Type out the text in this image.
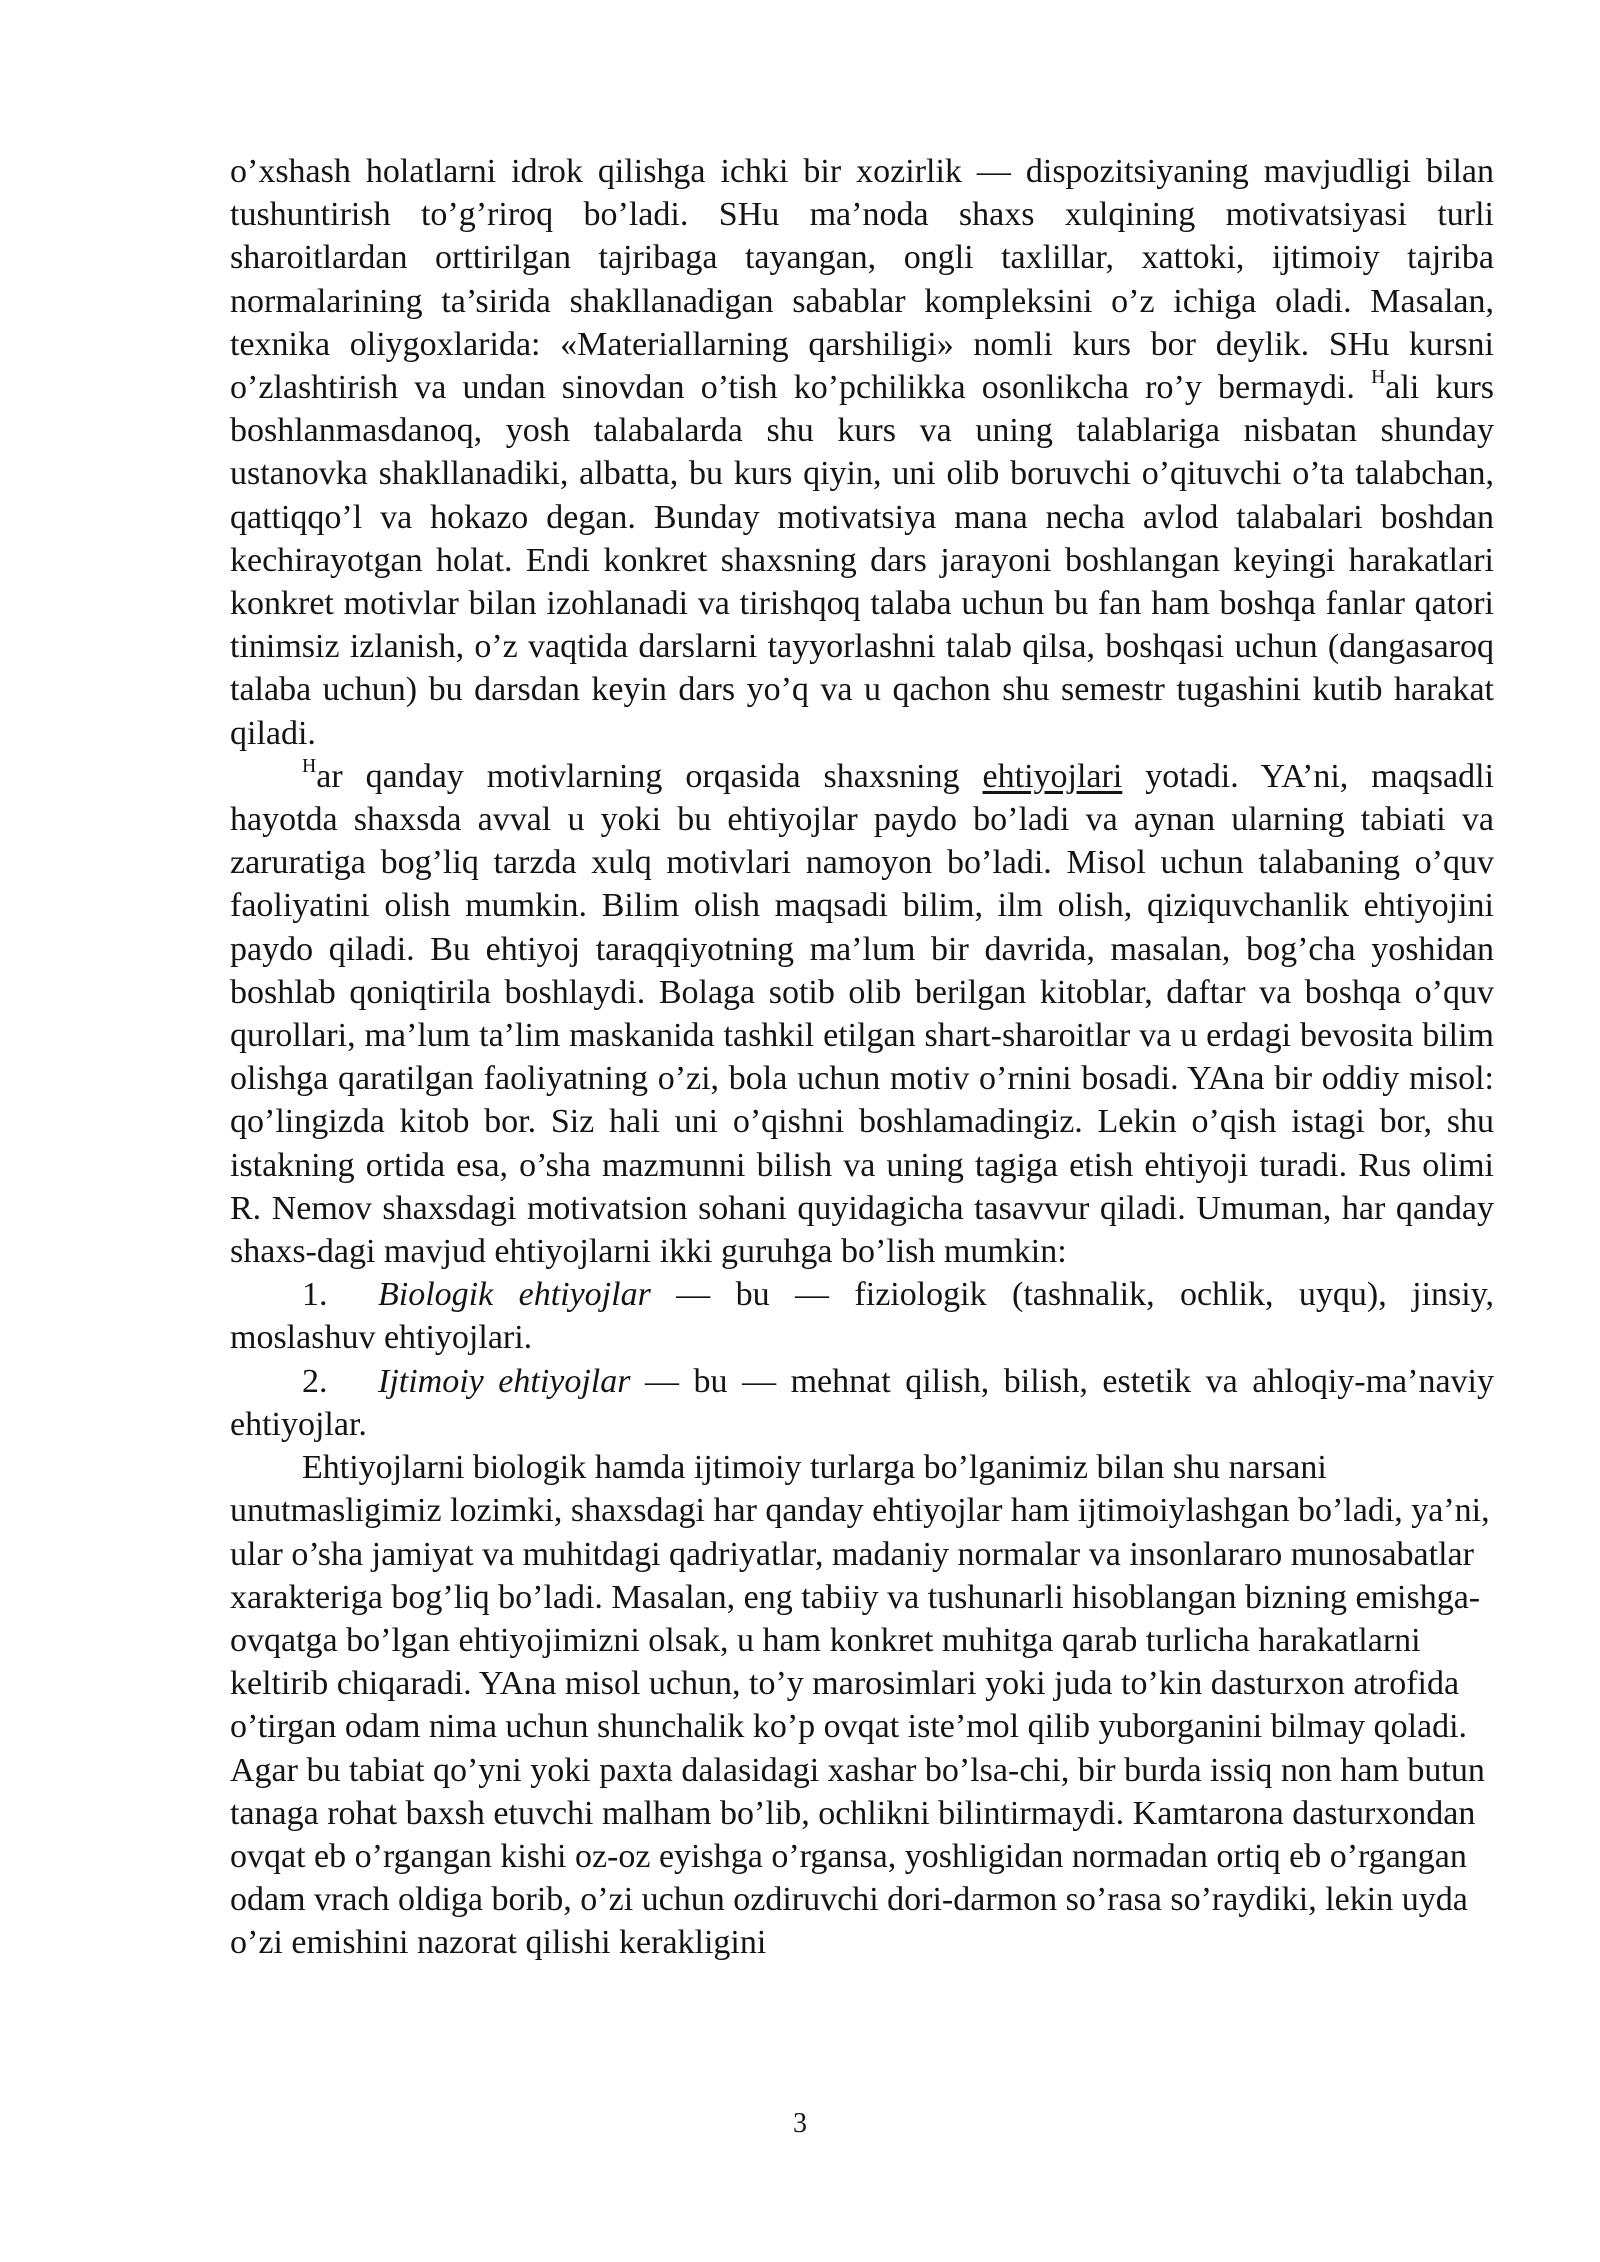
o’xshash holatlarni idrok qilishga ichki bir xozirlik — dispozitsiyaning mavjudligi bilan tushuntirish to’g’riroq bo’ladi. SHu ma’noda shaxs xulqining motivatsiyasi turli sharoitlardan orttirilgan tajribaga tayangan, ongli taxlillar, xattoki, ijtimoiy tajriba normalarining ta’sirida shakllanadigan sabablar kompleksini o’z ichiga oladi. Masalan, texnika oliygoxlarida: «Materiallarning qarshiligi» nomli kurs bor deylik. SHu kursni o’zlashtirish va undan sinovdan o’tish ko’pchilikka osonlikcha ro’y bermaydi. $^H$ali kurs boshlanmasdanoq, yosh talabalarda shu kurs va uning talablariga nisbatan shunday ustanovka shakllanadiki, albatta, bu kurs qiyin, uni olib boruvchi o’qituvchi o’ta talabchan, qattiqqo’l va hokazo degan. Bunday motivatsiya mana necha avlod talabalari boshdan kechirayotgan holat. Endi konkret shaxsning dars jarayoni boshlangan keyingi harakatlari konkret motivlar bilan izohlanadi va tirishqoq talaba uchun bu fan ham boshqa fanlar qatori tinimsiz izlanish, o’z vaqtida darslarni tayyorlashni talab qilsa, boshqasi uchun (dangasaroq talaba uchun) bu darsdan keyin dars yo’q va u qachon shu semestr tugashini kutib harakat qiladi.

$^H$ar qanday motivlarning orqasida shaxsning ehtiyojlari yotadi. YA’ni, maqsadli hayotda shaxsda avval u yoki bu ehtiyojlar paydo bo’ladi va aynan ularning tabiati va zaruratiga bog’liq tarzda xulq motivlari namoyon bo’ladi. Misol uchun talabaning o’quv faoliyatini olish mumkin. Bilim olish maqsadi bilim, ilm olish, qiziquvchanlik ehtiyojini paydo qiladi. Bu ehtiyoj taraqqiyotning ma’lum bir davrida, masalan, bog’cha yoshidan boshlab qoniqtirila boshlaydi. Bolaga sotib olib berilgan kitoblar, daftar va boshqa o’quv qurollari, ma’lum ta’lim maskanida tashkil etilgan shart-sharoitlar va u erdagi bevosita bilim olishga qaratilgan faoliyatning o’zi, bola uchun motiv o’rnini bosadi. YAna bir oddiy misol: qo’lingizda kitob bor. Siz hali uni o’qishni boshlamadingiz. Lekin o’qish istagi bor, shu istakning ortida esa, o’sha mazmunni bilish va uning tagiga etish ehtiyoji turadi. Rus olimi R. Nemov shaxsdagi motivatsion sohani quyidagicha tasavvur qiladi. Umuman, har qanday shaxs-dagi mavjud ehtiyojlarni ikki guruhga bo’lish mumkin:

1. Biologik ehtiyojlar — bu — fiziologik (tashnalik, ochlik, uyqu), jinsiy, moslashuv ehtiyojlari.

2. Ijtimoiy ehtiyojlar — bu — mehnat qilish, bilish, estetik va ahloqiy-ma’naviy ehtiyojlar.

Ehtiyojlarni biologik hamda ijtimoiy turlarga bo’lganimiz bilan shu narsani unutmasligimiz lozimki, shaxsdagi har qanday ehtiyojlar ham ijtimoiylashgan bo’ladi, ya’ni, ular o’sha jamiyat va muhitdagi qadriyatlar, madaniy normalar va insonlararo munosabatlar xarakteriga bog’liq bo’ladi. Masalan, eng tabiiy va tushunarli hisoblangan bizning emishga-ovqatga bo’lgan ehtiyojimizni olsak, u ham konkret muhitga qarab turlicha harakatlarni keltirib chiqaradi. YAna misol uchun, to’y marosimlari yoki juda to’kin dasturxon atrofida o’tirgan odam nima uchun shunchalik ko’p ovqat iste’mol qilib yuborganini bilmay qoladi. Agar bu tabiat qo’yni yoki paxta dalasidagi xashar bo’lsa-chi, bir burda issiq non ham butun tanaga rohat baxsh etuvchi malham bo’lib, ochlikni bilintirmaydi. Kamtarona dasturxondan ovqat eb o’rgangan kishi oz-oz eyishga o’rgansa, yoshligidan normadan ortiq eb o’rgangan odam vrach oldiga borib, o’zi uchun ozdiruvchi dori-darmon so’rasa so’raydiki, lekin uyda o’zi emishini nazorat qilishi kerakligini

3
